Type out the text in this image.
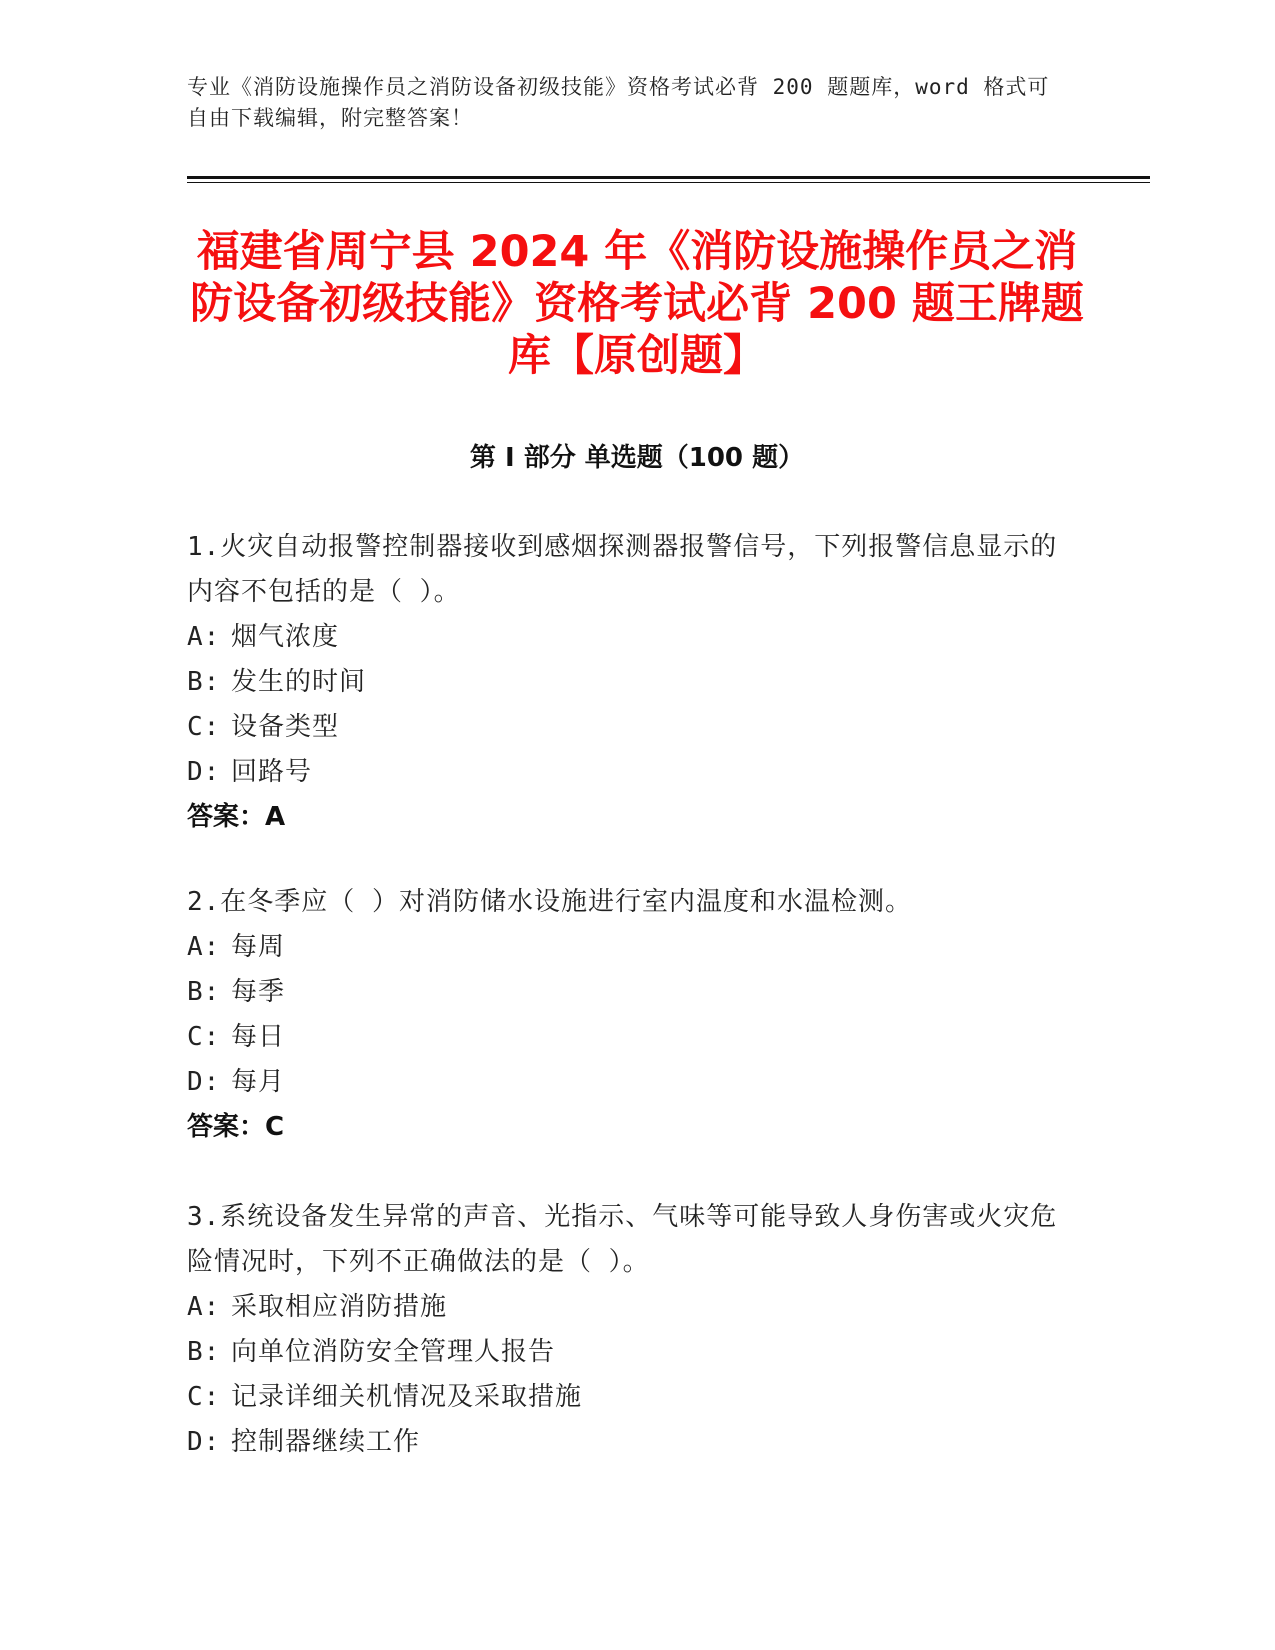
专业《消防设施操作员之消防设备初级技能》资格考试必背 200 题题库，word 格式可自由下载编辑，附完整答案！
福建省周宁县 2024 年《消防设施操作员之消防设备初级技能》资格考试必背 200 题王牌题库【原创题】
第 I 部分 单选题（100 题）
1.火灾自动报警控制器接收到感烟探测器报警信号，下列报警信息显示的内容不包括的是（ ）。
A: 烟气浓度
B: 发生的时间
C: 设备类型
D: 回路号
答案：A
2.在冬季应（ ）对消防储水设施进行室内温度和水温检测。
A: 每周
B: 每季
C: 每日
D: 每月
答案：C
3.系统设备发生异常的声音、光指示、气味等可能导致人身伤害或火灾危险情况时，下列不正确做法的是（ ）。
A: 采取相应消防措施
B: 向单位消防安全管理人报告
C: 记录详细关机情况及采取措施
D: 控制器继续工作
